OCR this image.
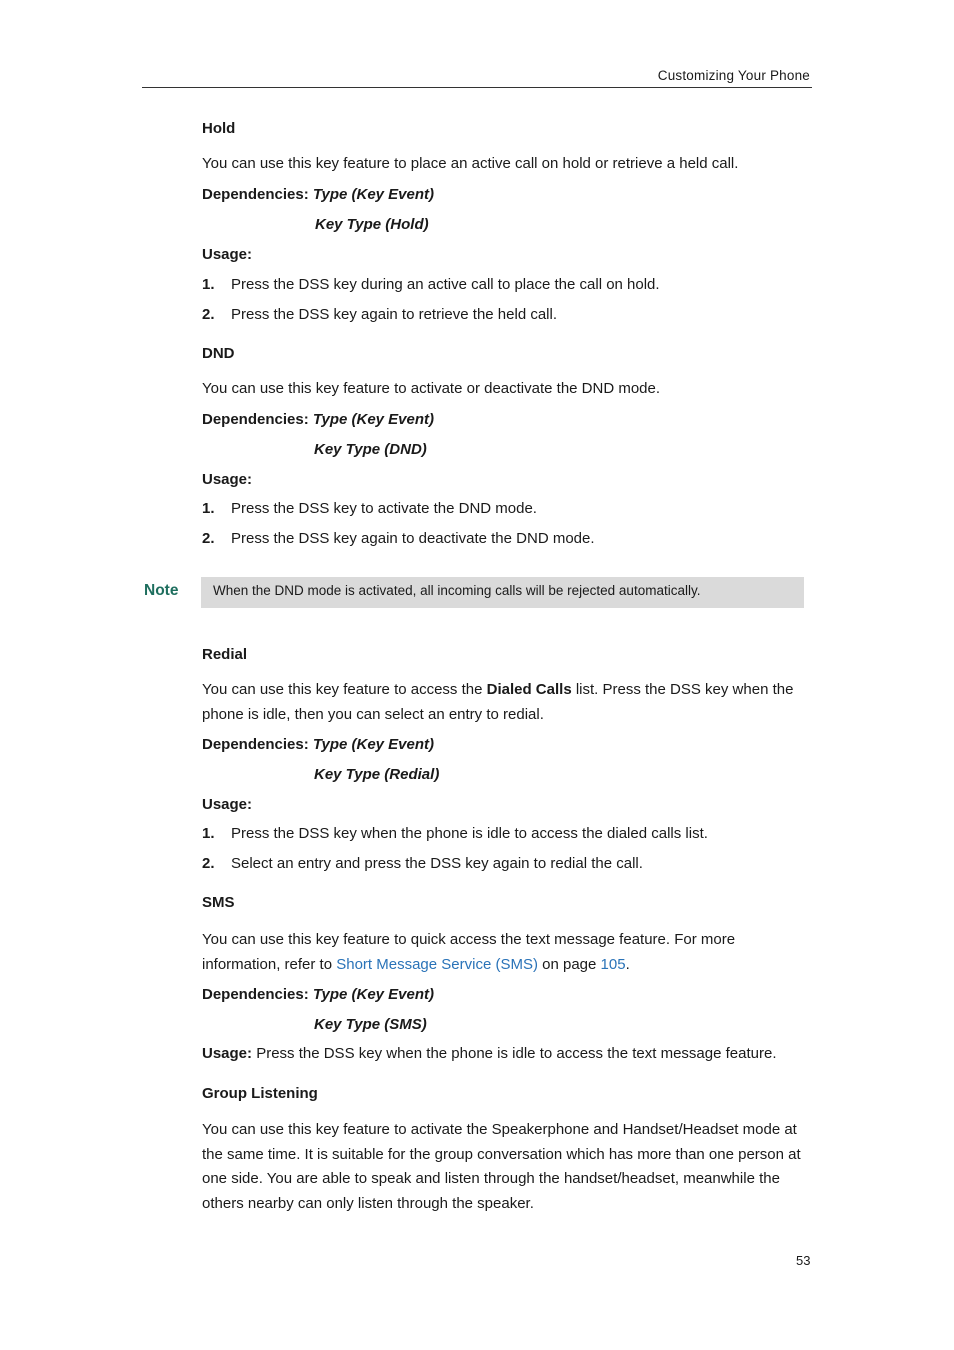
Customizing Your Phone
Hold
You can use this key feature to place an active call on hold or retrieve a held call.
Dependencies: Type (Key Event)
Key Type (Hold)
Usage:
1. Press the DSS key during an active call to place the call on hold.
2. Press the DSS key again to retrieve the held call.
DND
You can use this key feature to activate or deactivate the DND mode.
Dependencies: Type (Key Event)
Key Type (DND)
Usage:
1. Press the DSS key to activate the DND mode.
2. Press the DSS key again to deactivate the DND mode.
Redial
You can use this key feature to access the Dialed Calls list. Press the DSS key when the phone is idle, then you can select an entry to redial.
Dependencies: Type (Key Event)
Key Type (Redial)
Usage:
1. Press the DSS key when the phone is idle to access the dialed calls list.
2. Select an entry and press the DSS key again to redial the call.
SMS
You can use this key feature to quick access the text message feature. For more information, refer to Short Message Service (SMS) on page 105.
Dependencies: Type (Key Event)
Key Type (SMS)
Usage: Press the DSS key when the phone is idle to access the text message feature.
Group Listening
You can use this key feature to activate the Speakerphone and Handset/Headset mode at the same time. It is suitable for the group conversation which has more than one person at one side. You are able to speak and listen through the handset/headset, meanwhile the others nearby can only listen through the speaker.
Note	When the DND mode is activated, all incoming calls will be rejected automatically.
53
